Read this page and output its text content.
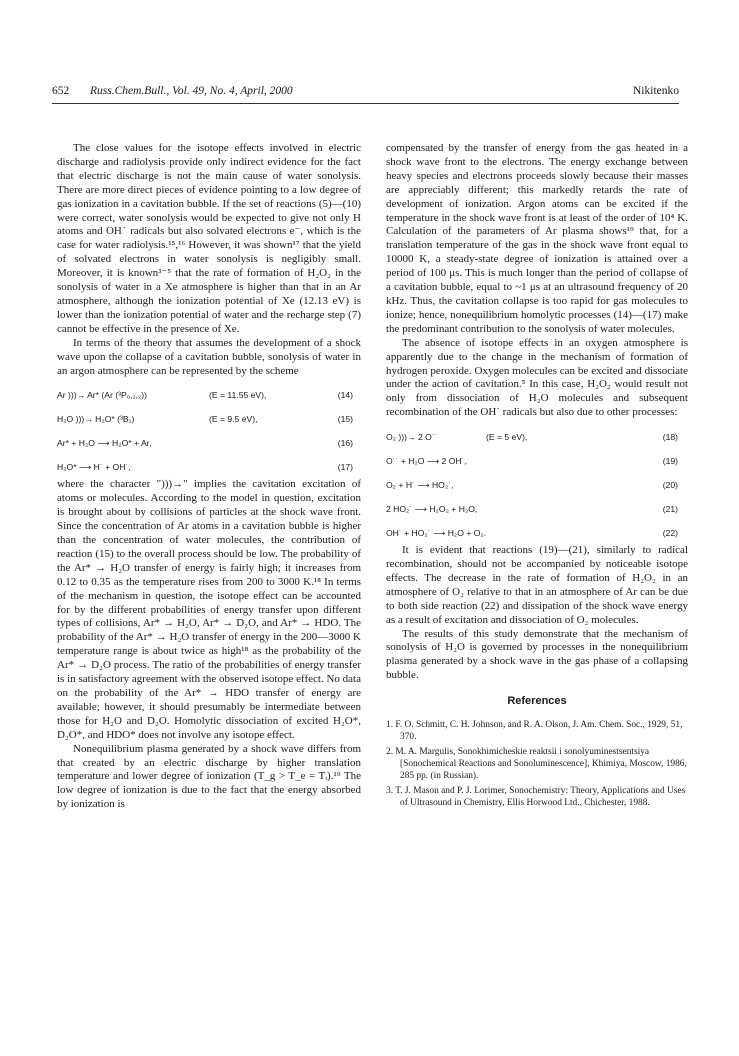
652 Russ.Chem.Bull., Vol. 49, No. 4, April, 2000	Nikitenko

The close values for the isotope effects involved in electric discharge and radiolysis provide only indirect evidence for the fact that electric discharge is not the main cause of water sonolysis. There are more direct pieces of evidence pointing to a low degree of gas ionization in a cavitation bubble. If the set of reactions (5)—(10) were correct, water sonolysis would be expected to give not only H atoms and OH˙ radicals but also solvated electrons e⁻, which is the case for water radiolysis.¹⁵,¹⁶ However, it was shown¹⁷ that the yield of solvated electrons in water sonolysis is negligibly small. Moreover, it is known³⁻⁵ that the rate of formation of H₂O₂ in the sonolysis of water in a Xe atmosphere is higher than that in an Ar atmosphere, although the ionization potential of Xe (12.13 eV) is lower than the ionization potential of water and the recharge step (7) cannot be effective in the presence of Xe.

In terms of the theory that assumes the development of a shock wave upon the collapse of a cavitation bubble, sonolysis of water in an argon atmosphere can be represented by the scheme

Ar )))→ Ar* (Ar (³P₀,₁,₂))	(E = 11.55 eV),	(14)
H₂O )))→ H₂O* (³B₁)	(E = 9.5 eV),	(15)
Ar* + H₂O ⟶ H₂O* + Ar,	(16)
H₂O* ⟶ H˙ + OH˙,	(17)

where the character ")))→" implies the cavitation excitation of atoms or molecules. According to the model in question, excitation is brought about by collisions of particles at the shock wave front. Since the concentration of Ar atoms in a cavitation bubble is higher than the concentration of water molecules, the contribution of reaction (15) to the overall process should be low. The probability of the Ar* → H₂O transfer of energy is fairly high; it increases from 0.12 to 0.35 as the temperature rises from 200 to 3000 K.¹⁸ In terms of the mechanism in question, the isotope effect can be accounted for by the different probabilities of energy transfer upon different types of collisions, Ar* → H₂O, Ar* → D₂O, and Ar* → HDO. The probability of the Ar* → H₂O transfer of energy in the 200—3000 K temperature range is about twice as high¹⁸ as the probability of the Ar* → D₂O process. The ratio of the probabilities of energy transfer is in satisfactory agreement with the observed isotope effect. No data on the probability of the Ar* → HDO transfer of energy are available; however, it should presumably be intermediate between those for H₂O and D₂O. Homolytic dissociation of excited H₂O*, D₂O*, and HDO* does not involve any isotope effect.

Nonequilibrium plasma generated by a shock wave differs from that created by an electric discharge by higher translation temperature and lower degree of ionization (T_g > T_e = Tᵢ).¹⁹ The low degree of ionization is due to the fact that the energy absorbed by ionization is

compensated by the transfer of energy from the gas heated in a shock wave front to the electrons. The energy exchange between heavy species and electrons proceeds slowly because their masses are appreciably different; this markedly retards the rate of development of ionization. Argon atoms can be excited if the temperature in the shock wave front is at least of the order of 10⁴ K. Calculation of the parameters of Ar plasma shows¹⁹ that, for a translation temperature of the gas in the shock wave front equal to 10000 K, a steady-state degree of ionization is attained over a period of 100 μs. This is much longer than the period of collapse of a cavitation bubble, equal to ~1 μs at an ultrasound frequency of 20 kHz. Thus, the cavitation collapse is too rapid for gas molecules to ionize; hence, nonequilibrium homolytic processes (14)—(17) make the predominant contribution to the sonolysis of water molecules.

The absence of isotope effects in an oxygen atmosphere is apparently due to the change in the mechanism of formation of hydrogen peroxide. Oxygen molecules can be excited and dissociate under the action of cavitation.⁵ In this case, H₂O₂ would result not only from dissociation of H₂O molecules and subsequent recombination of the OH˙ radicals but also due to other processes:

O₂ )))→ 2 O˙˙	(E = 5 eV),	(18)
O˙˙ + H₂O ⟶ 2 OH˙,	(19)
O₂ + H˙ ⟶ HO₂˙,	(20)
2 HO₂˙ ⟶ H₂O₂ + H₂O,	(21)
OH˙ + HO₂˙ ⟶ H₂O + O₂.	(22)

It is evident that reactions (19)—(21), similarly to radical recombination, should not be accompanied by noticeable isotope effects. The decrease in the rate of formation of H₂O₂ in an atmosphere of O₂ relative to that in an atmosphere of Ar can be due to both side reaction (22) and dissipation of the shock wave energy as a result of excitation and dissociation of O₂ molecules.

The results of this study demonstrate that the mechanism of sonolysis of H₂O is governed by processes in the nonequilibrium plasma generated by a shock wave in the gas phase of a collapsing bubble.

References
1. F. O. Schmitt, C. H. Johnson, and R. A. Olson, J. Am. Chem. Soc., 1929, 51, 370.
2. M. A. Margulis, Sonokhimicheskie reaktsii i sonolyuminestsentsiya [Sonochemical Reactions and Sonoluminescence], Khimiya, Moscow, 1986, 285 pp. (in Russian).
3. T. J. Mason and P. J. Lorimer, Sonochemistry: Theory, Applications and Uses of Ultrasound in Chemistry, Ellis Horwood Ltd., Chichester, 1988.
